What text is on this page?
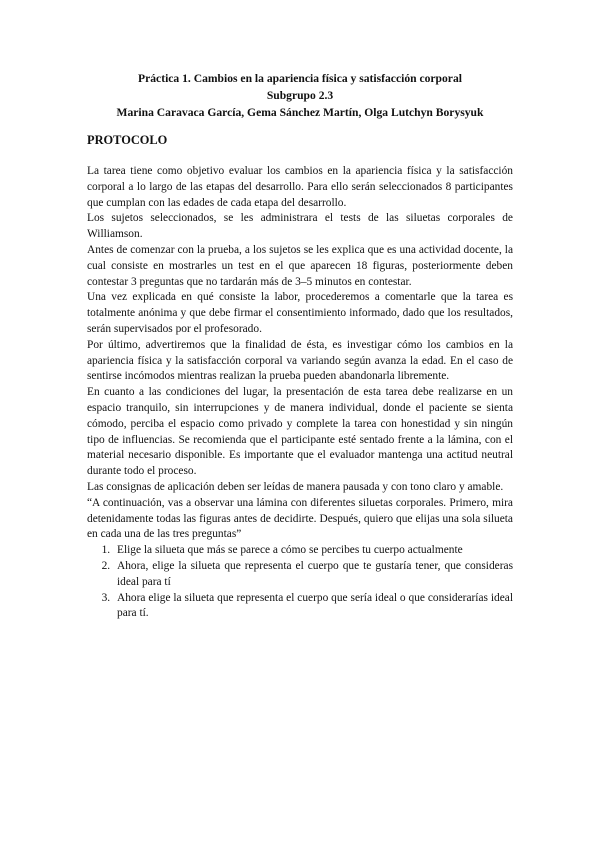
Práctica 1. Cambios en la apariencia física y satisfacción corporal
Subgrupo 2.3
Marina Caravaca García, Gema Sánchez Martín, Olga Lutchyn Borysyuk
PROTOCOLO

La tarea tiene como objetivo evaluar los cambios en la apariencia física y la satisfacción corporal a lo largo de las etapas del desarrollo. Para ello serán seleccionados 8 participantes que cumplan con las edades de cada etapa del desarrollo.

Los sujetos seleccionados, se les administrara el tests de las siluetas corporales de Williamson.

Antes de comenzar con la prueba, a los sujetos se les explica que es una actividad docente, la cual consiste en mostrarles un test en el que aparecen 18 figuras, posteriormente deben contestar 3 preguntas que no tardarán más de 3–5 minutos en contestar.

Una vez explicada en qué consiste la labor, procederemos a comentarle que la tarea es totalmente anónima y que debe firmar el consentimiento informado, dado que los resultados, serán supervisados por el profesorado.

Por último, advertiremos que la finalidad de ésta, es investigar cómo los cambios en la apariencia física y la satisfacción corporal va variando según avanza la edad. En el caso de sentirse incómodos mientras realizan la prueba pueden abandonarla libremente.

En cuanto a las condiciones del lugar, la presentación de esta tarea debe realizarse en un espacio tranquilo, sin interrupciones y de manera individual, donde el paciente se sienta cómodo, perciba el espacio como privado y complete la tarea con honestidad y sin ningún tipo de influencias. Se recomienda que el participante esté sentado frente a la lámina, con el material necesario disponible. Es importante que el evaluador mantenga una actitud neutral durante todo el proceso.

Las consignas de aplicación deben ser leídas de manera pausada y con tono claro y amable.

“A continuación, vas a observar una lámina con diferentes siluetas corporales. Primero, mira detenidamente todas las figuras antes de decidirte. Después, quiero que elijas una sola silueta en cada una de las tres preguntas”

1. Elige la silueta que más se parece a cómo se percibes tu cuerpo actualmente
2. Ahora, elige la silueta que representa el cuerpo que te gustaría tener, que consideras ideal para tí
3. Ahora elige la silueta que representa el cuerpo que sería ideal o que considerarías ideal para tí.
